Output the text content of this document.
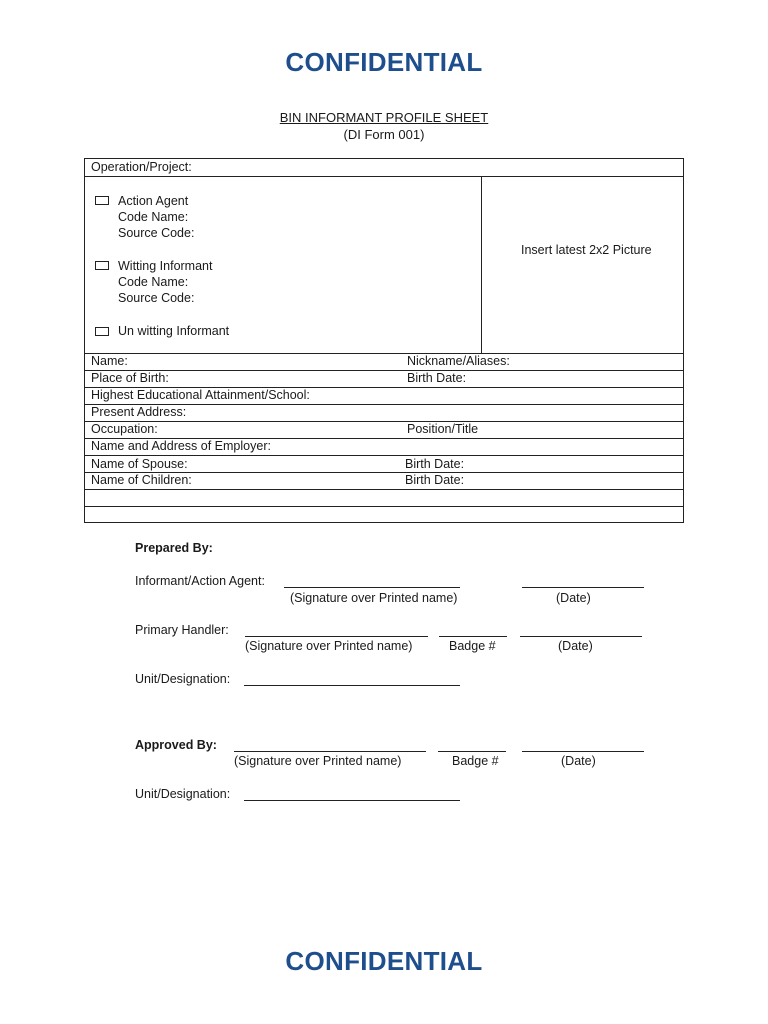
CONFIDENTIAL
BIN INFORMANT PROFILE SHEET
(DI Form 001)
Operation/Project:
Action Agent
Code Name:
Source Code:
Witting Informant
Code Name:
Source Code:
Un witting Informant
Insert latest 2x2 Picture
Name:	Nickname/Aliases:
Place of Birth:	Birth Date:
Highest Educational Attainment/School:
Present Address:
Occupation:	Position/Title
Name and Address of Employer:
Name of Spouse:	Birth Date:
Name of Children:	Birth Date:
Prepared By:
Informant/Action Agent:
(Signature over Printed name)	(Date)
Primary Handler:
(Signature over Printed name)	Badge #	(Date)
Unit/Designation:
Approved By:
(Signature over Printed name)	Badge #	(Date)
Unit/Designation:
CONFIDENTIAL
